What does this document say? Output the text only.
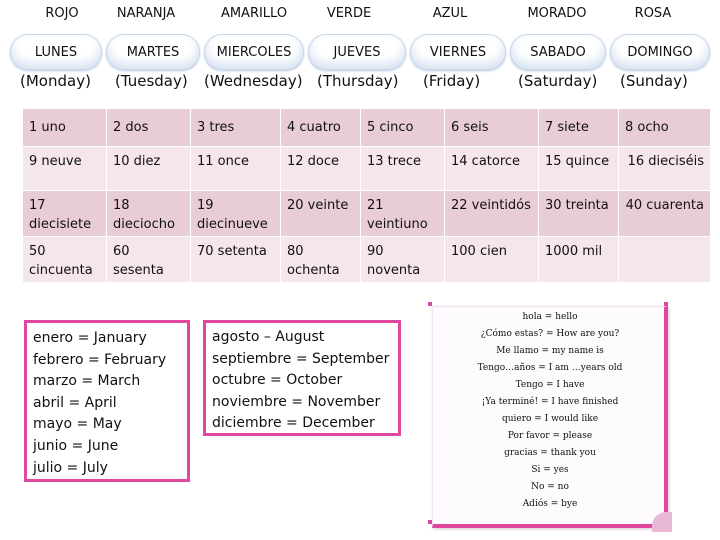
ROJO	NARANJA	AMARILLO	VERDE	AZUL	MORADO	ROSA
LUNES	MARTES	MIERCOLES	JUEVES	VIERNES	SABADO	DOMINGO
(Monday) (Tuesday) (Wednesday) (Thursday) (Friday)	(Saturday) (Sunday)
1 uno	2 dos	3 tres	4 cuatro	5 cinco	6 seis	7 siete	8 ocho
9 neuve	10 diez	11 once	12 doce	13 trece	14 catorce	15 quince	16 dieciséis
17 diecisiete	18 dieciocho	19 diecinueve	20 veinte	21 veintiuno	22 veintidós	30 treinta	40 cuarenta
50 cincuenta	60 sesenta	70 setenta	80 ochenta	90 noventa	100 cien	1000 mil	
enero = January
febrero = February
marzo = March
abril = April
mayo = May
junio = June
julio = July
agosto – August
septiembre = September
octubre = October
noviembre = November
diciembre = December
hola = hello
¿Cómo estas? = How are you?
Me llamo = my name is
Tengo…años = I am …years old
Tengo = I have
¡Ya terminé! = I have finished
quiero = I would like
Por favor = please
gracias = thank you
Si = yes
No = no
Adiós = bye
